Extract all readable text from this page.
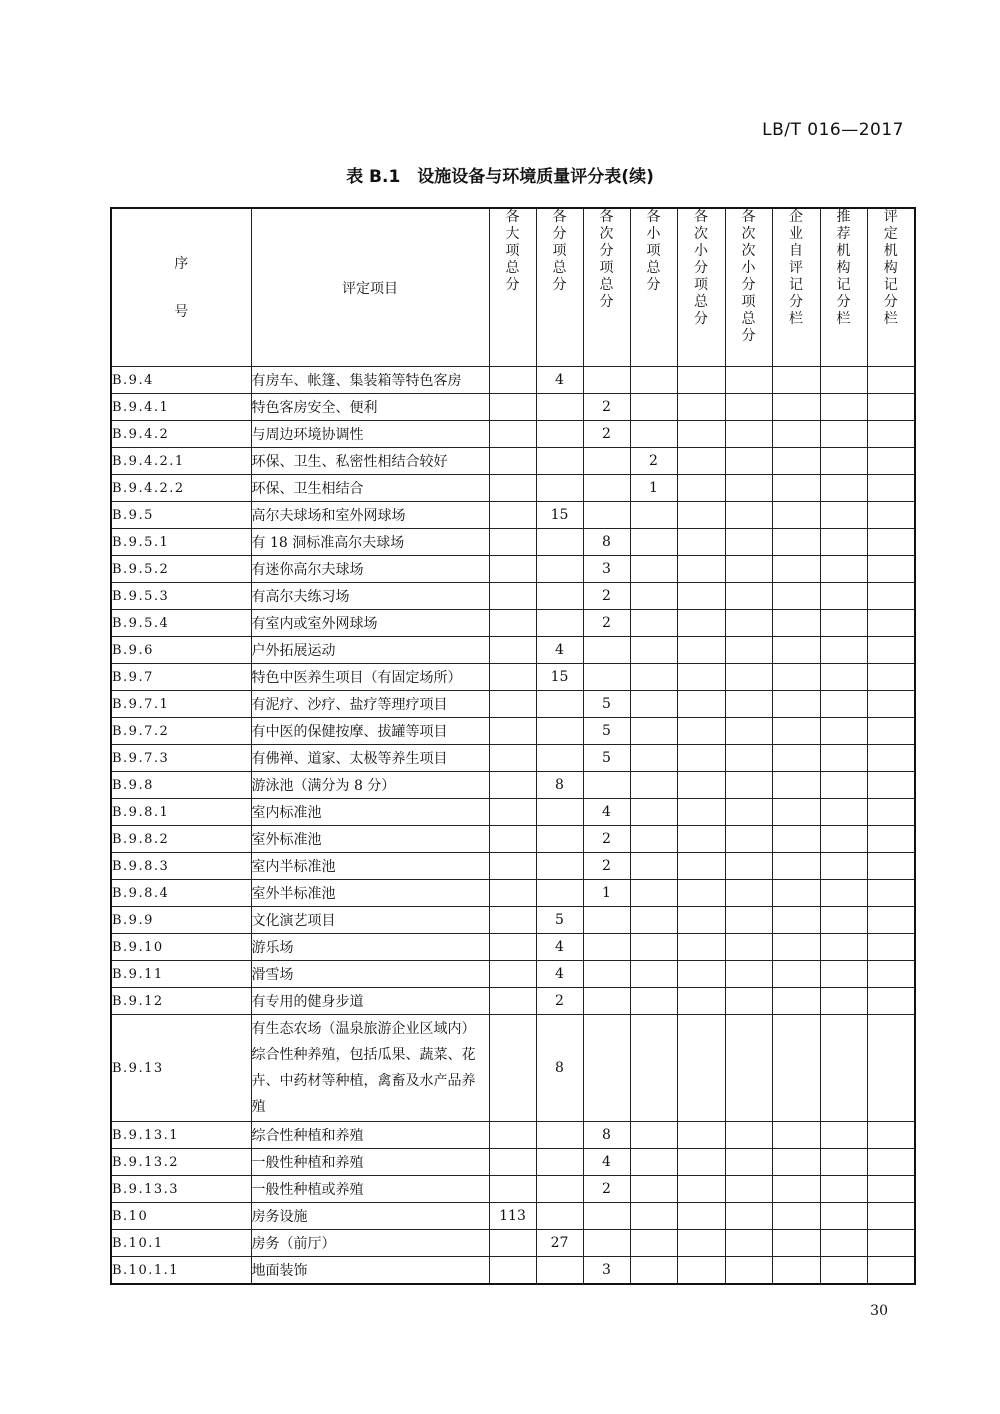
LB/T 016—2017
表 B.1　设施设备与环境质量评分表(续)
序

号	评定项目	各大项总分	各分项总分	各次分项总分	各小项总分	各次小分项总分	各次次小分项总分	企业自评记分栏	推荐机构记分栏	评定机构记分栏

B.9.4	有房车、帐篷、集装箱等特色客房		4							
B.9.4.1	特色客房安全、便利			2						
B.9.4.2	与周边环境协调性			2						
B.9.4.2.1	环保、卫生、私密性相结合较好				2					
B.9.4.2.2	环保、卫生相结合				1					
B.9.5	高尔夫球场和室外网球场		15							
B.9.5.1	有 18 洞标准高尔夫球场			8						
B.9.5.2	有迷你高尔夫球场			3						
B.9.5.3	有高尔夫练习场			2						
B.9.5.4	有室内或室外网球场			2						
B.9.6	户外拓展运动		4							
B.9.7	特色中医养生项目（有固定场所）		15							
B.9.7.1	有泥疗、沙疗、盐疗等理疗项目			5						
B.9.7.2	有中医的保健按摩、拔罐等项目			5						
B.9.7.3	有佛禅、道家、太极等养生项目			5						
B.9.8	游泳池（满分为 8 分）		8							
B.9.8.1	室内标准池			4						
B.9.8.2	室外标准池			2						
B.9.8.3	室内半标准池			2						
B.9.8.4	室外半标准池			1						
B.9.9	文化演艺项目		5							
B.9.10	游乐场		4							
B.9.11	滑雪场		4							
B.9.12	有专用的健身步道		2							
B.9.13	有生态农场（温泉旅游企业区域内）综合性种养殖，包括瓜果、蔬菜、花卉、中药材等种植，禽畜及水产品养殖		8							
B.9.13.1	综合性种植和养殖			8						
B.9.13.2	一般性种植和养殖			4						
B.9.13.3	一般性种植或养殖			2						
B.10	房务设施	113								
B.10.1	房务（前厅）		27							
B.10.1.1	地面装饰			3						
30
